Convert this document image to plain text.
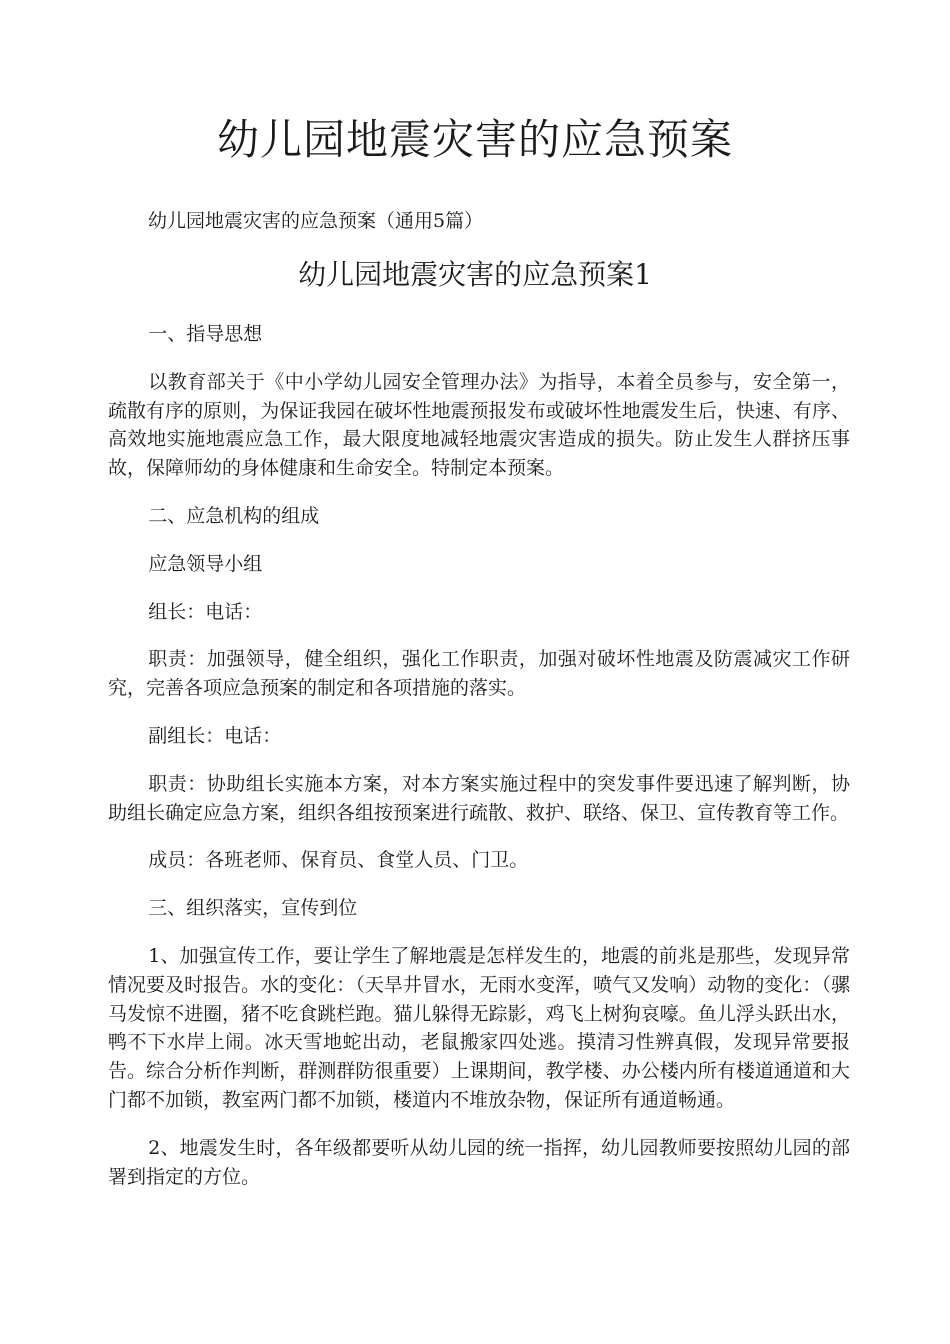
幼儿园地震灾害的应急预案

幼儿园地震灾害的应急预案（通用5篇）

幼儿园地震灾害的应急预案1

一、指导思想

以教育部关于《中小学幼儿园安全管理办法》为指导，本着全员参与，安全第一，疏散有序的原则，为保证我园在破坏性地震预报发布或破坏性地震发生后，快速、有序、高效地实施地震应急工作，最大限度地减轻地震灾害造成的损失。防止发生人群挤压事故，保障师幼的身体健康和生命安全。特制定本预案。

二、应急机构的组成

应急领导小组

组长：电话：

职责：加强领导，健全组织，强化工作职责，加强对破坏性地震及防震减灾工作研究，完善各项应急预案的制定和各项措施的落实。

副组长：电话：

职责：协助组长实施本方案，对本方案实施过程中的突发事件要迅速了解判断，协助组长确定应急方案，组织各组按预案进行疏散、救护、联络、保卫、宣传教育等工作。

成员：各班老师、保育员、食堂人员、门卫。

三、组织落实，宣传到位

1、加强宣传工作，要让学生了解地震是怎样发生的，地震的前兆是那些，发现异常情况要及时报告。水的变化：（天旱井冒水，无雨水变浑，喷气又发响）动物的变化：（骡马发惊不进圈，猪不吃食跳栏跑。猫儿躲得无踪影，鸡飞上树狗哀嚎。鱼儿浮头跃出水，鸭不下水岸上闹。冰天雪地蛇出动，老鼠搬家四处逃。摸清习性辨真假，发现异常要报告。综合分析作判断，群测群防很重要）上课期间，教学楼、办公楼内所有楼道通道和大门都不加锁，教室两门都不加锁，楼道内不堆放杂物，保证所有通道畅通。

2、地震发生时，各年级都要听从幼儿园的统一指挥，幼儿园教师要按照幼儿园的部署到指定的方位。
